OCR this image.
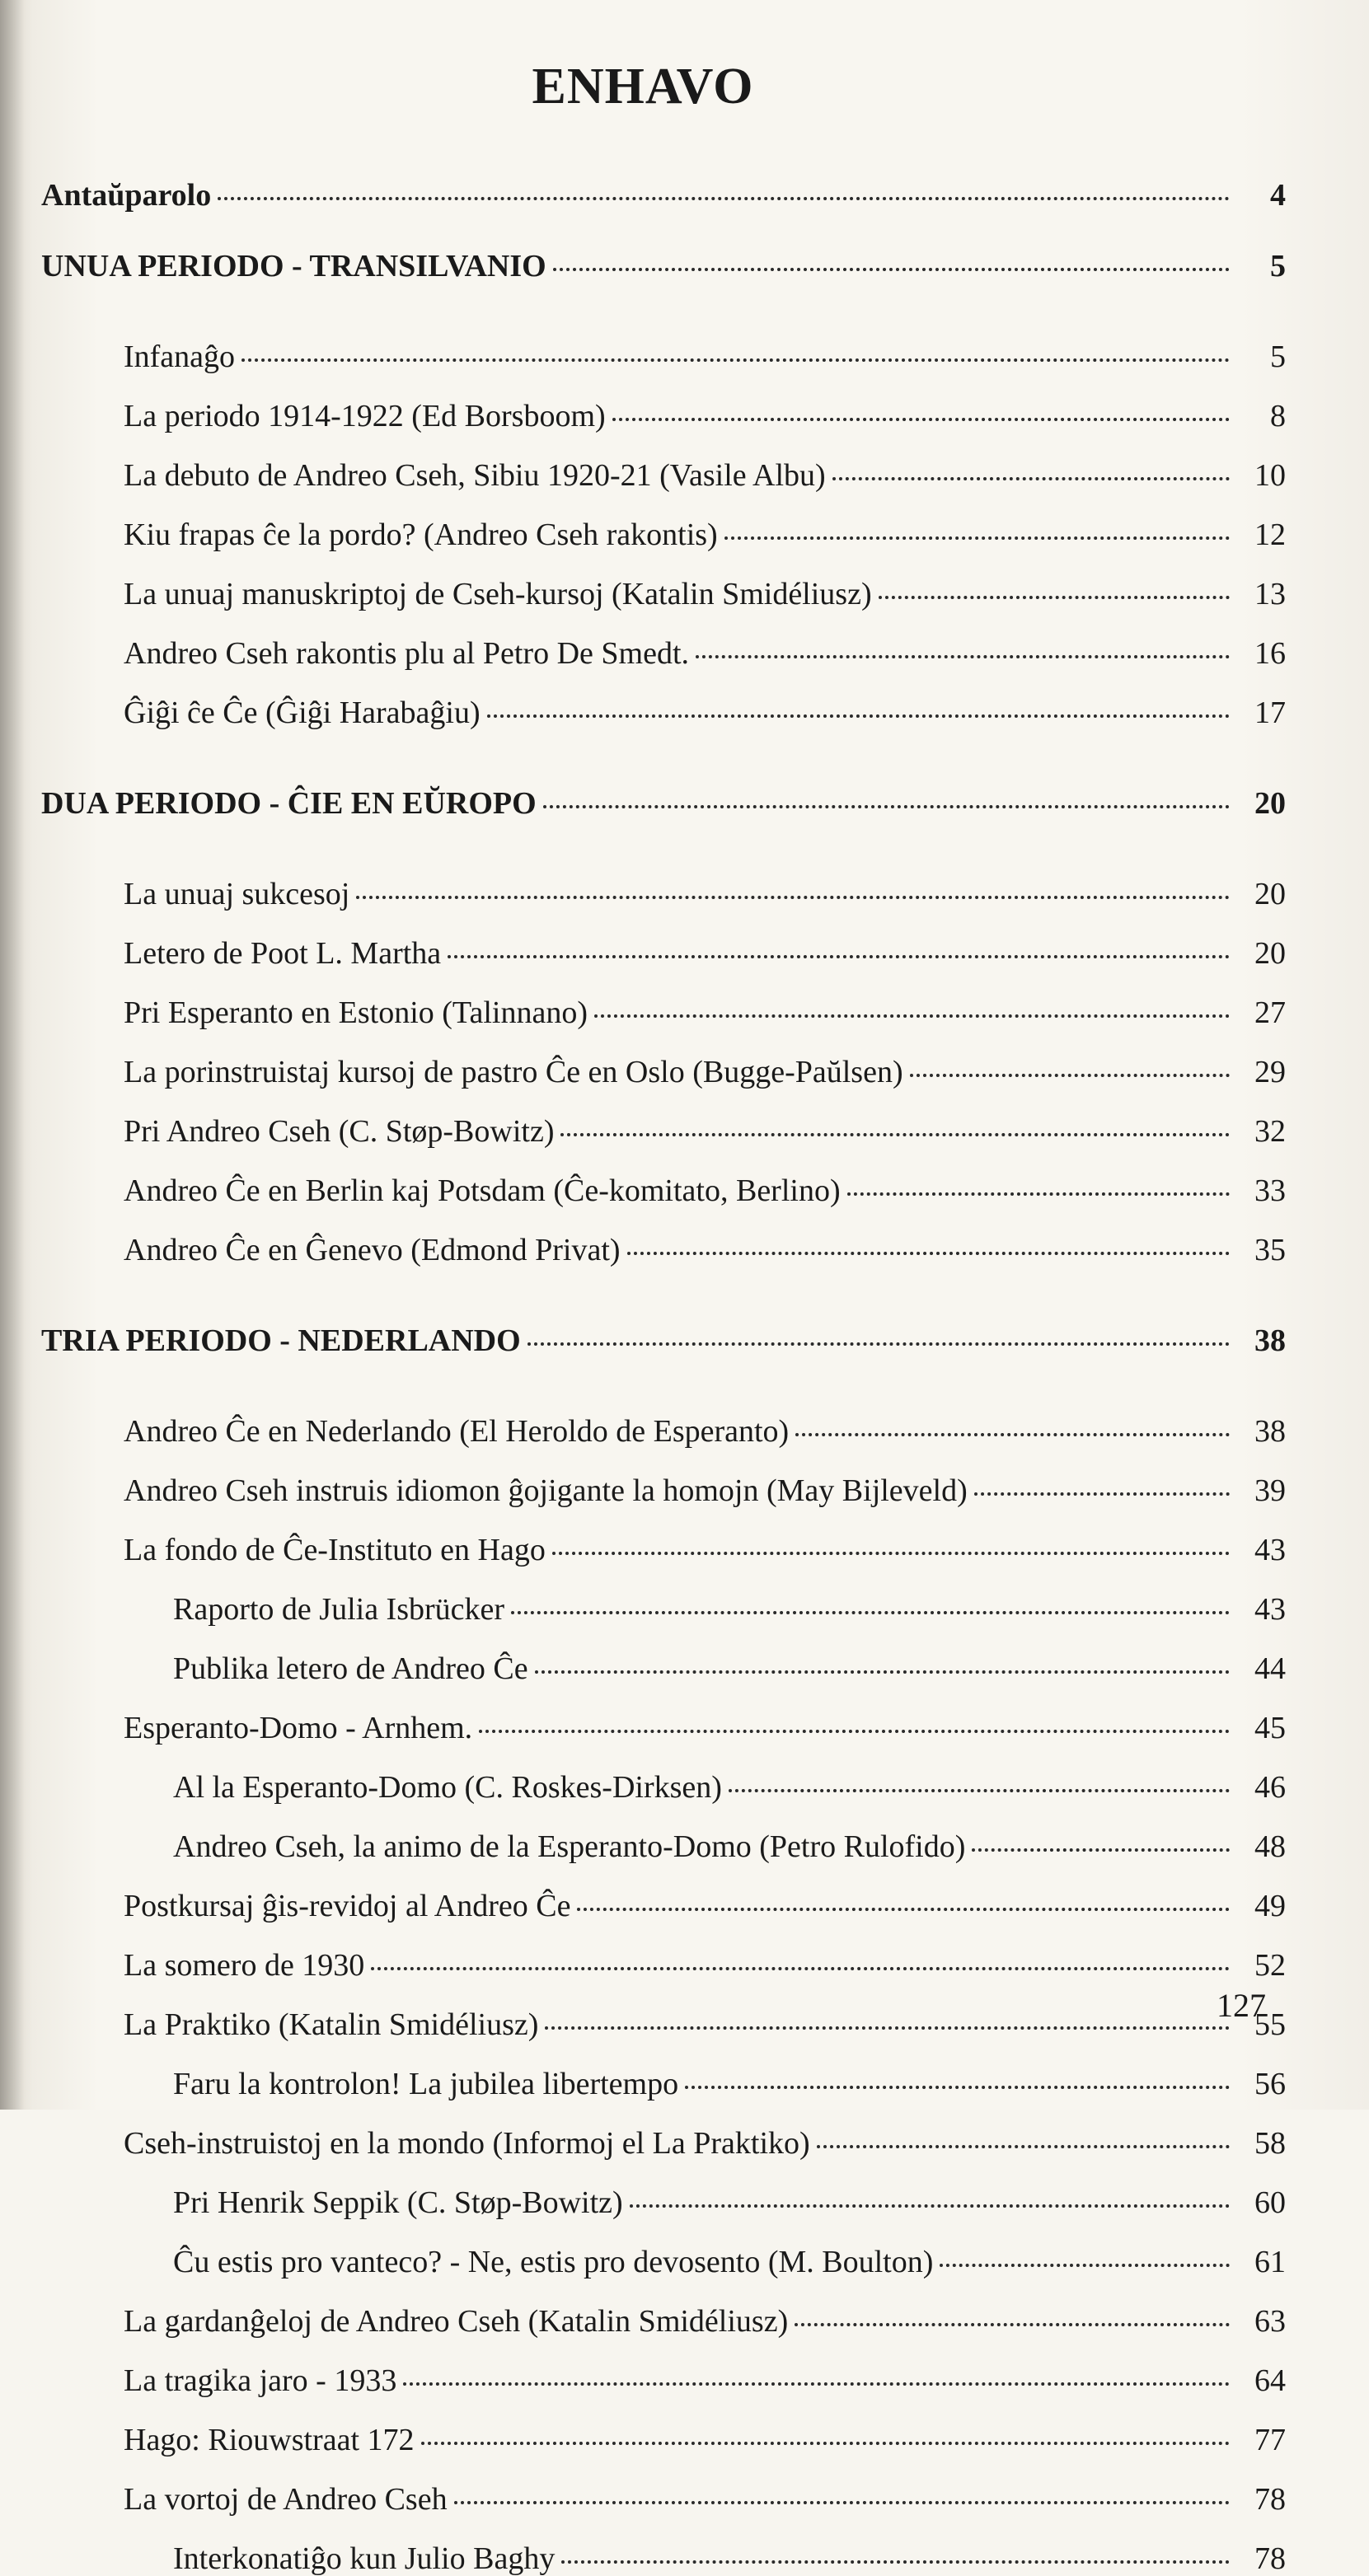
ENHAVO
Antaŭparolo	4
UNUA PERIODO - TRANSILVANIO	5
Infanaĝo	5
La periodo 1914-1922 (Ed Borsboom)	8
La debuto de Andreo Cseh, Sibiu 1920-21 (Vasile Albu)	10
Kiu frapas ĉe la pordo? (Andreo Cseh rakontis)	12
La unuaj manuskriptoj de Cseh-kursoj (Katalin Smidéliusz)	13
Andreo Cseh rakontis plu al Petro De Smedt.	16
Ĝiĝi ĉe Ĉe (Ĝiĝi Harabaĝiu)	17
DUA PERIODO - ĈIE EN EŬROPO	20
La unuaj sukcesoj	20
Letero de Poot L. Martha	20
Pri Esperanto en Estonio (Talinnano)	27
La porinstruistaj kursoj de pastro Ĉe en Oslo (Bugge-Paŭlsen)	29
Pri Andreo Cseh (C. Støp-Bowitz)	32
Andreo Ĉe en Berlin kaj Potsdam (Ĉe-komitato, Berlino)	33
Andreo Ĉe en Ĝenevo (Edmond Privat)	35
TRIA PERIODO - NEDERLANDO	38
Andreo Ĉe en Nederlando (El Heroldo de Esperanto)	38
Andreo Cseh instruis idiomon ĝojigante la homojn (May Bijleveld)	39
La fondo de Ĉe-Instituto en Hago	43
Raporto de Julia Isbrücker	43
Publika letero de Andreo Ĉe	44
Esperanto-Domo - Arnhem.	45
Al la Esperanto-Domo (C. Roskes-Dirksen)	46
Andreo Cseh, la animo de la Esperanto-Domo (Petro Rulofido)	48
Postkursaj ĝis-revidoj al Andreo Ĉe	49
La somero de 1930	52
La Praktiko (Katalin Smidéliusz)	55
Faru la kontrolon! La jubilea libertempo	56
Cseh-instruistoj en la mondo (Informoj el La Praktiko)	58
Pri Henrik Seppik (C. Støp-Bowitz)	60
Ĉu estis pro vanteco? - Ne, estis pro devosento (M. Boulton)	61
La gardanĝeloj de Andreo Cseh (Katalin Smidéliusz)	63
La tragika jaro - 1933	64
Hago: Riouwstraat 172	77
La vortoj de Andreo Cseh	78
Interkonatiĝo kun Julio Baghy	78
127
